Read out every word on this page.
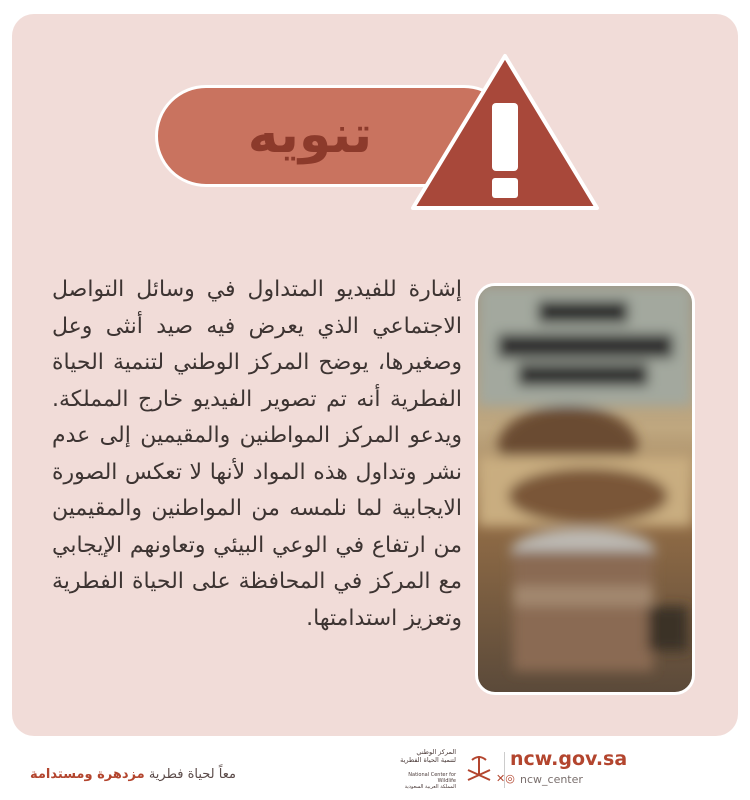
تنويه
إشارة للفيديو المتداول في وسائل التواصل الاجتماعي الذي يعرض فيه صيد أنثى وعل وصغيرها، يوضح المركز الوطني لتنمية الحياة الفطرية أنه تم تصوير الفيديو خارج المملكة. ويدعو المركز المواطنين والمقيمين إلى عدم نشر وتداول هذه المواد لأنها لا تعكس الصورة الايجابية لما نلمسه من المواطنين والمقيمين من ارتفاع في الوعي البيئي وتعاونهم الإيجابي مع المركز في المحافظة على الحياة الفطرية وتعزيز استدامتها.
معاً لحياة فطرية مزدهرة ومستدامة
المركز الوطني
لتنمية الحياة الفطرية
National Center for Wildlife
المملكة العربية السعودية
ncw.gov.sa
✕◎ ncw_center
